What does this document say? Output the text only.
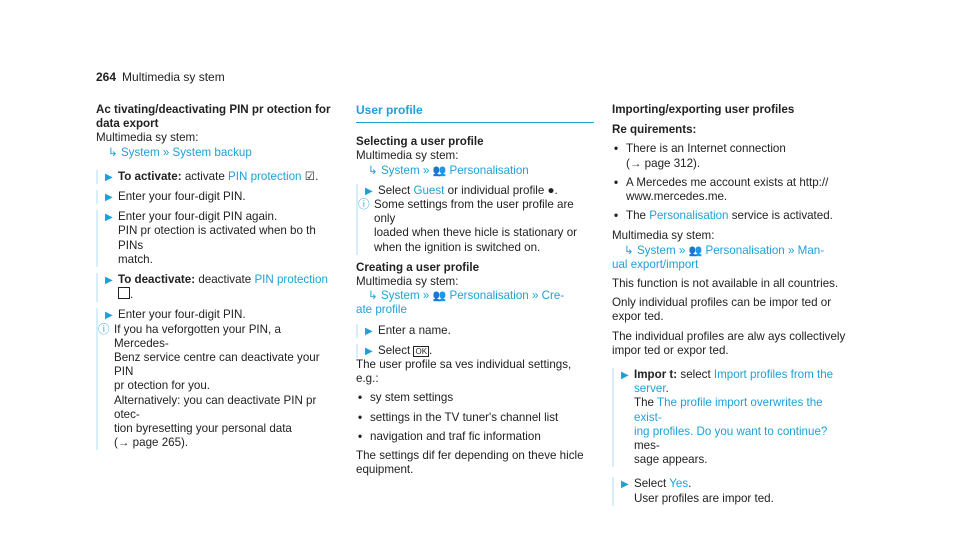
264 Multimedia sy stem
Ac tivating/deactivating PIN pr otection for
data export
Multimedia sy stem:
↳ System » System backup
▶ To activate: activate PIN protection ☑.
▶ Enter your four-digit PIN.
▶ Enter your four-digit PIN again.
PIN pr otection is activated when bo th PINs
match.
▶ To deactivate: deactivate PIN protection .
▶ Enter your four-digit PIN.
ⓘ If you ha veforgotten your PIN, a Mercedes-
Benz service centre can deactivate your PIN
pr otection for you.
Alternatively: you can deactivate PIN pr otec-
tion byresetting your personal data
(→ page 265).
User profile
Selecting a user profile
Multimedia sy stem:
↳ System » 👥 Personalisation
▶ Select Guest or individual profile ●.
ⓘ Some settings from the user profile are only
loaded when theve hicle is stationary or
when the ignition is switched on.
Creating a user profile
Multimedia sy stem:
↳ System » 👥 Personalisation » Cre-
ate profile
▶ Enter a name.
▶ Select OK .
The user profile sa ves individual settings, e.g.:
• sy stem settings
• settings in the TV tuner's channel list
• navigation and traf fic information
The settings dif fer depending on theve hicle
equipment.
Importing/exporting user profiles
Re quirements:
• There is an Internet connection
(→ page 312).
• A Mercedes me account exists at http://
www.mercedes.me.
• The Personalisation service is activated.
Multimedia sy stem:
↳ System » 👥 Personalisation » Man-
ual export/import
This function is not available in all countries.
Only individual profiles can be impor ted or
expor ted.
The individual profiles are alw ays collectively
impor ted or expor ted.
▶ Impor t: select Import profiles from the
server.
The The profile import overwrites the exist-
ing profiles. Do you want to continue? mes-
sage appears.
▶ Select Yes.
User profiles are impor ted.
